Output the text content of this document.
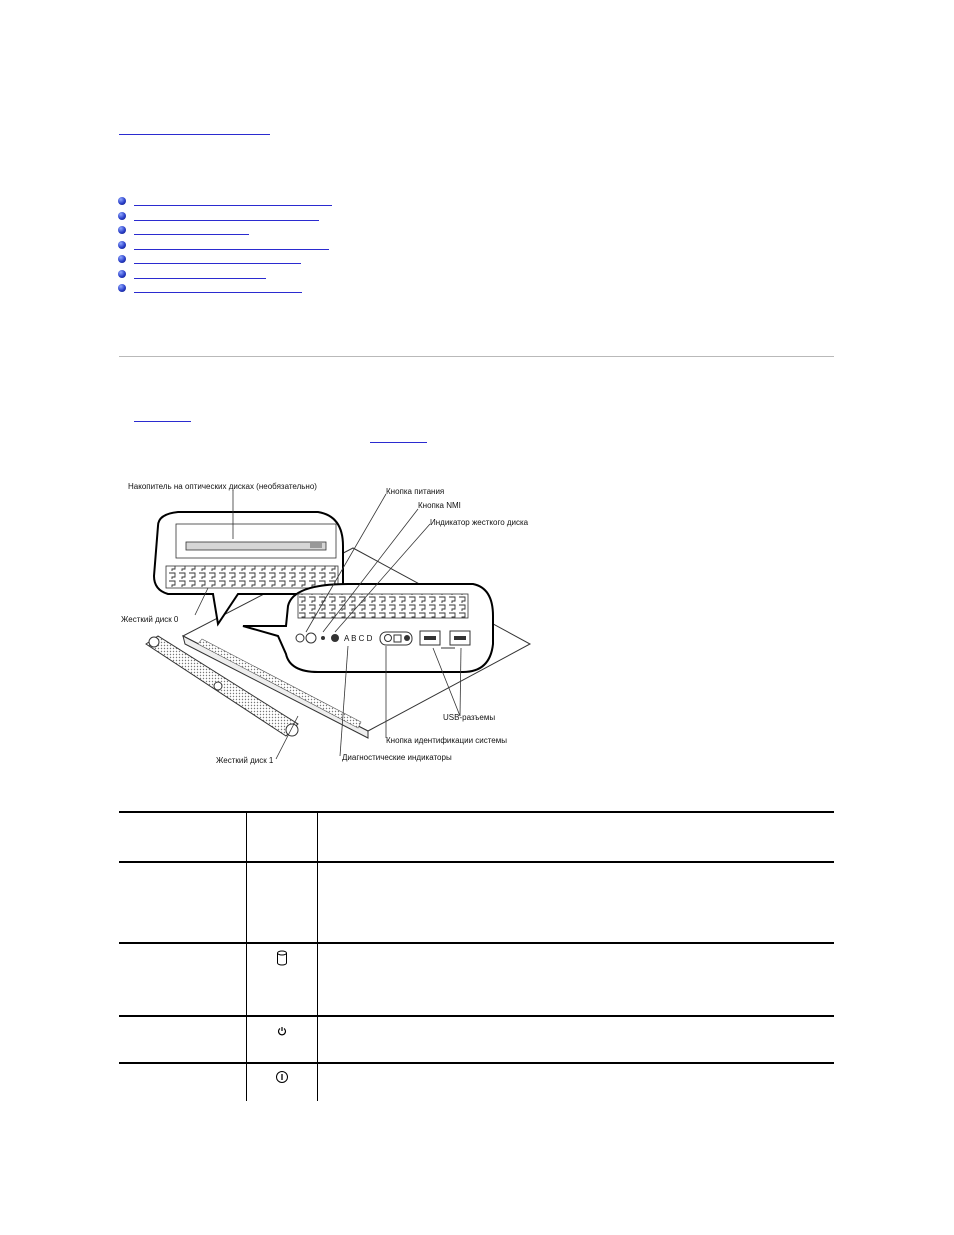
A B C D
Накопитель на оптических дисках (необязательно)
Кнопка питания
Кнопка NMI
Индикатор жесткого диска
Жесткий диск 0
USB-разъемы
Кнопка идентификации системы
Диагностические индикаторы
Жесткий диск 1
